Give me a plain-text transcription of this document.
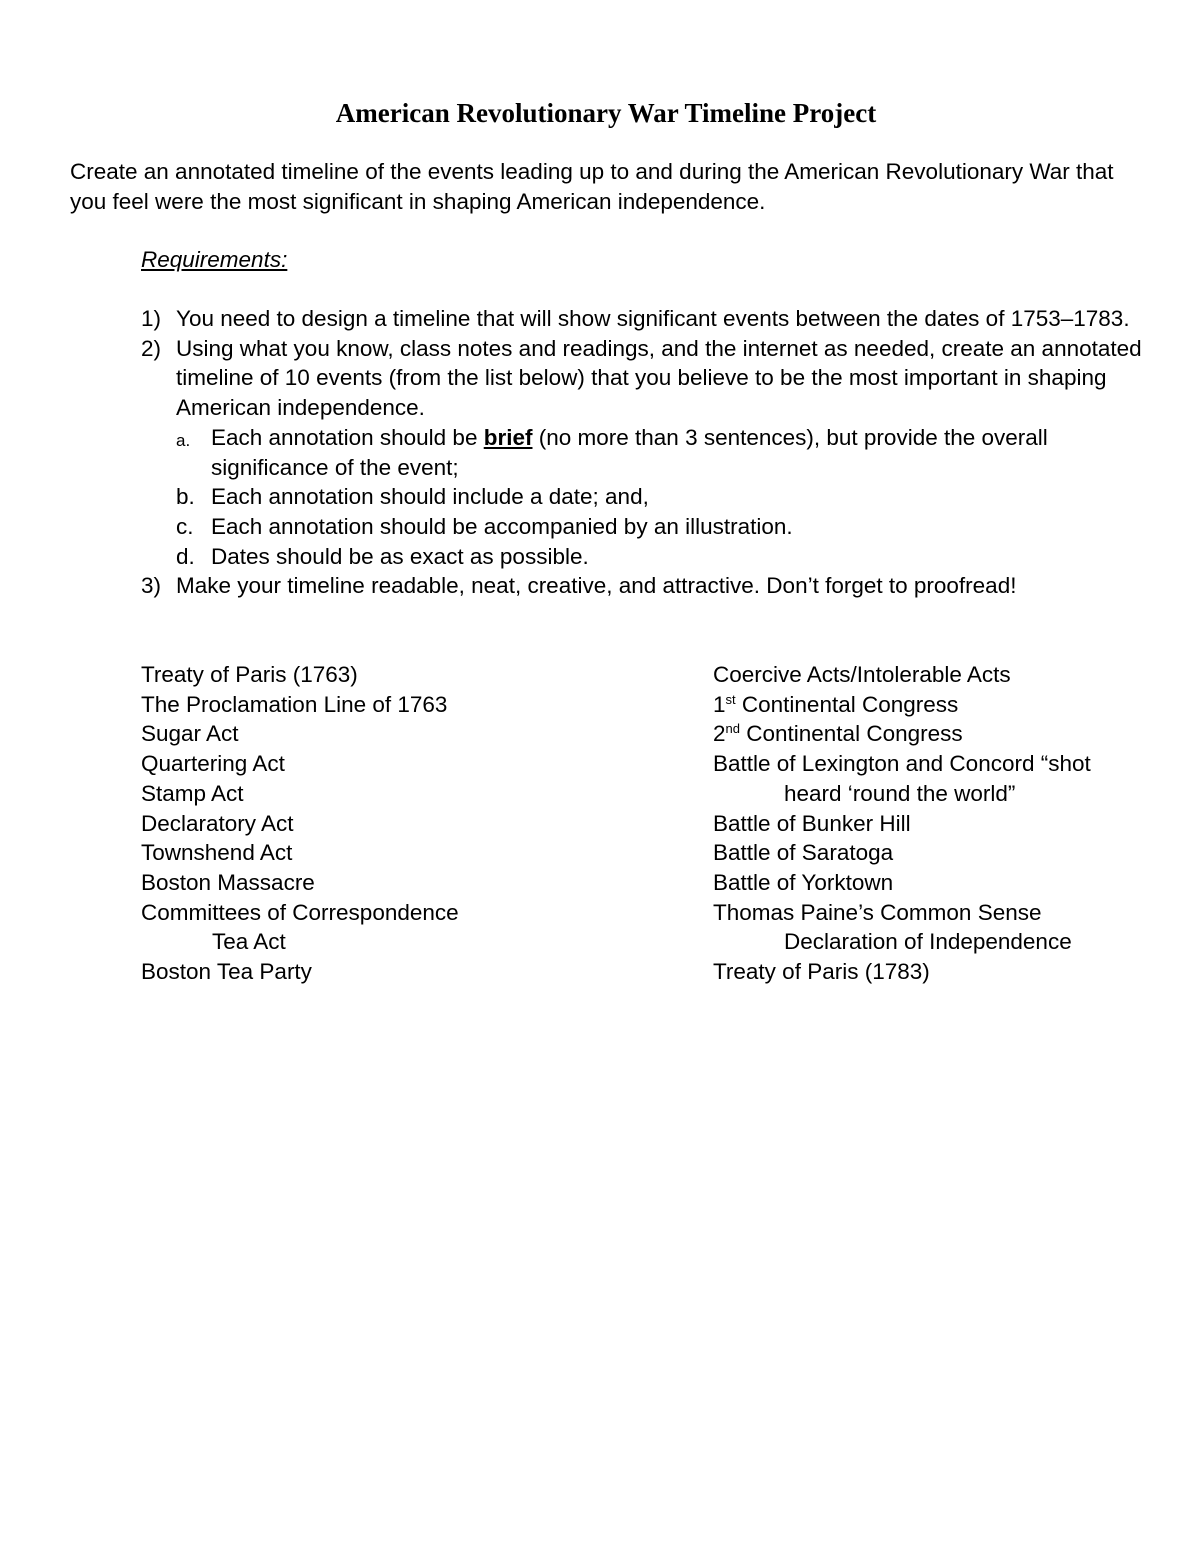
American Revolutionary War Timeline Project
Create an annotated timeline of the events leading up to and during the American Revolutionary War that you feel were the most significant in shaping American independence.
Requirements:
1) You need to design a timeline that will show significant events between the dates of 1753–1783.
2) Using what you know, class notes and readings, and the internet as needed, create an annotated timeline of 10 events (from the list below) that you believe to be the most important in shaping American independence.
a. Each annotation should be brief (no more than 3 sentences), but provide the overall significance of the event;
b. Each annotation should include a date; and,
c. Each annotation should be accompanied by an illustration.
d. Dates should be as exact as possible.
3) Make your timeline readable, neat, creative, and attractive. Don’t forget to proofread!
Treaty of Paris (1763)
The Proclamation Line of 1763
Sugar Act
Quartering Act
Stamp Act
Declaratory Act
Townshend Act
Boston Massacre
Committees of Correspondence
Tea Act
Boston Tea Party
Coercive Acts/Intolerable Acts
1st Continental Congress
2nd Continental Congress
Battle of Lexington and Concord “shot
heard ‘round the world”
Battle of Bunker Hill
Battle of Saratoga
Battle of Yorktown
Thomas Paine’s Common Sense
Declaration of Independence
Treaty of Paris (1783)
